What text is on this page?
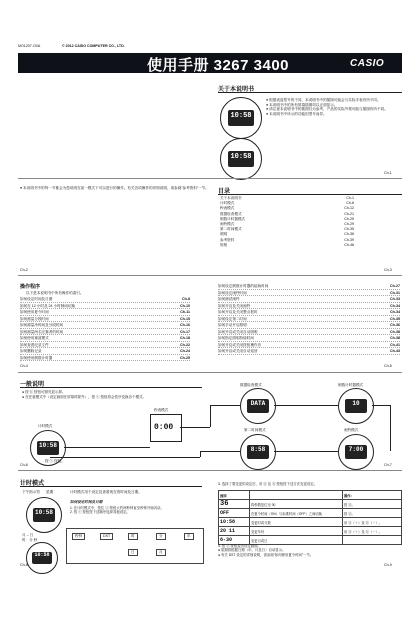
MO1207-OVA	© 2012 CASIO COMPUTER CO., LTD.
使用手册 3267 3400	CASIO
关于本说明书
10:58
10:58
● 根据表盘型号的不同，本说明书中的插图可能会与实际手表有所不同。
● 本说明书中的所有屏幕插图均以正面显示。
● 请注意本说明书中的插图仅为参考，产品的实际外观可能与插图有所不同。
● 本说明书中所示的功能因型号而异。
Ch-1
● 本说明书中的每一节都会为您说明在某一模式下可以进行的操作。有关各项操作的详细说明，请参阅“参考资料”一节。
Ch-2
目录
关于本说明书	Ch-1
计时模式	Ch-6
秒表模式	Ch-12
数据检查模式	Ch-21
倒数计时器模式	Ch-25
闹铃模式	Ch-29
第二时间模式	Ch-35
照明	Ch-36
参考资料	Ch-39
规格	Ch-46
Ch-3
操作程序
以下是本说明书中所有操作的索引。
如何设定时间及日期	Ch-8
如何在 12 小时及 24 小时制间切换	Ch-10
如何使用夏令时间	Ch-11
如何测量分段时间	Ch-15
如何测量净时间及分段时间	Ch-16
如何测量两名完赛者的时间	Ch-17
如何使用赛道模式	Ch-18
如何查看纪录文件	Ch-22
如何删除记录	Ch-24
如何使用倒数计时器	Ch-25
如何设定倒数计时器的起始时间	Ch-27
如何设定闹铃时间	Ch-31
如何测试闹铃	Ch-33
如何开启及关闭闹铃	Ch-34
如何开启及关闭整点报时	Ch-34
如何设定第二时间	Ch-35
如何手动开启照明	Ch-36
如何开启或关闭自动照明	Ch-38
如何指定照明持续时间	Ch-38
如何开启或关闭按钮操作音	Ch-41
如何开启或关闭自动返回	Ch-43
Ch-4	Ch-5
一般说明
● 按 ⓑ 按钮可照亮显示屏。
● 在任意模式中（设定画面在屏幕时除外），按 ⓒ 按钮将会依序变换各个模式。
计时模式
10:58
秒表模式
0:00
数据检查模式
DATA
倒数计时器模式
10
第二时间模式
8:58
闹铃模式
7:00
按 ⓒ 按钮。
Ch-6	Ch-7
计时模式
计时模式用于设定及查看现在的时间及日期。
下午指示符 星期
10:58
月 – 日
时：分 秒
10:58
如何设定时间及日期
1. 在计时模式中，按住 ⓐ 按钮大约两秒钟直至秒钟开始闪动。
2. 按 ⓒ 按钮按下述顺序选择其他设定。
秒钟	DST	时	分	年
月
日
3. 选择了要变更的设定后，用 ⓓ 及 ⓑ 按钮按下述方法变更设定。
画面		操作：
36	将秒数复位至 00	按 ⓓ。
OFF	在夏令时间（ON）与标准时间（OFF）之间切换	按 ⓓ。
10:58	变更时或分数	用 ⓓ（＋）及 ⓑ（－）。
20 11	变更年份	用 ⓓ（＋）及 ⓑ（－）。
6-30	变更月或日	
4. 按 ⓐ 按钮退出设定画面。
● 星期将根据日期（年、月及日）自动显示。
● 有关 DST 设定的详细说明，请参阅“如何使用夏令时间”一节。
Ch-8	Ch-9
